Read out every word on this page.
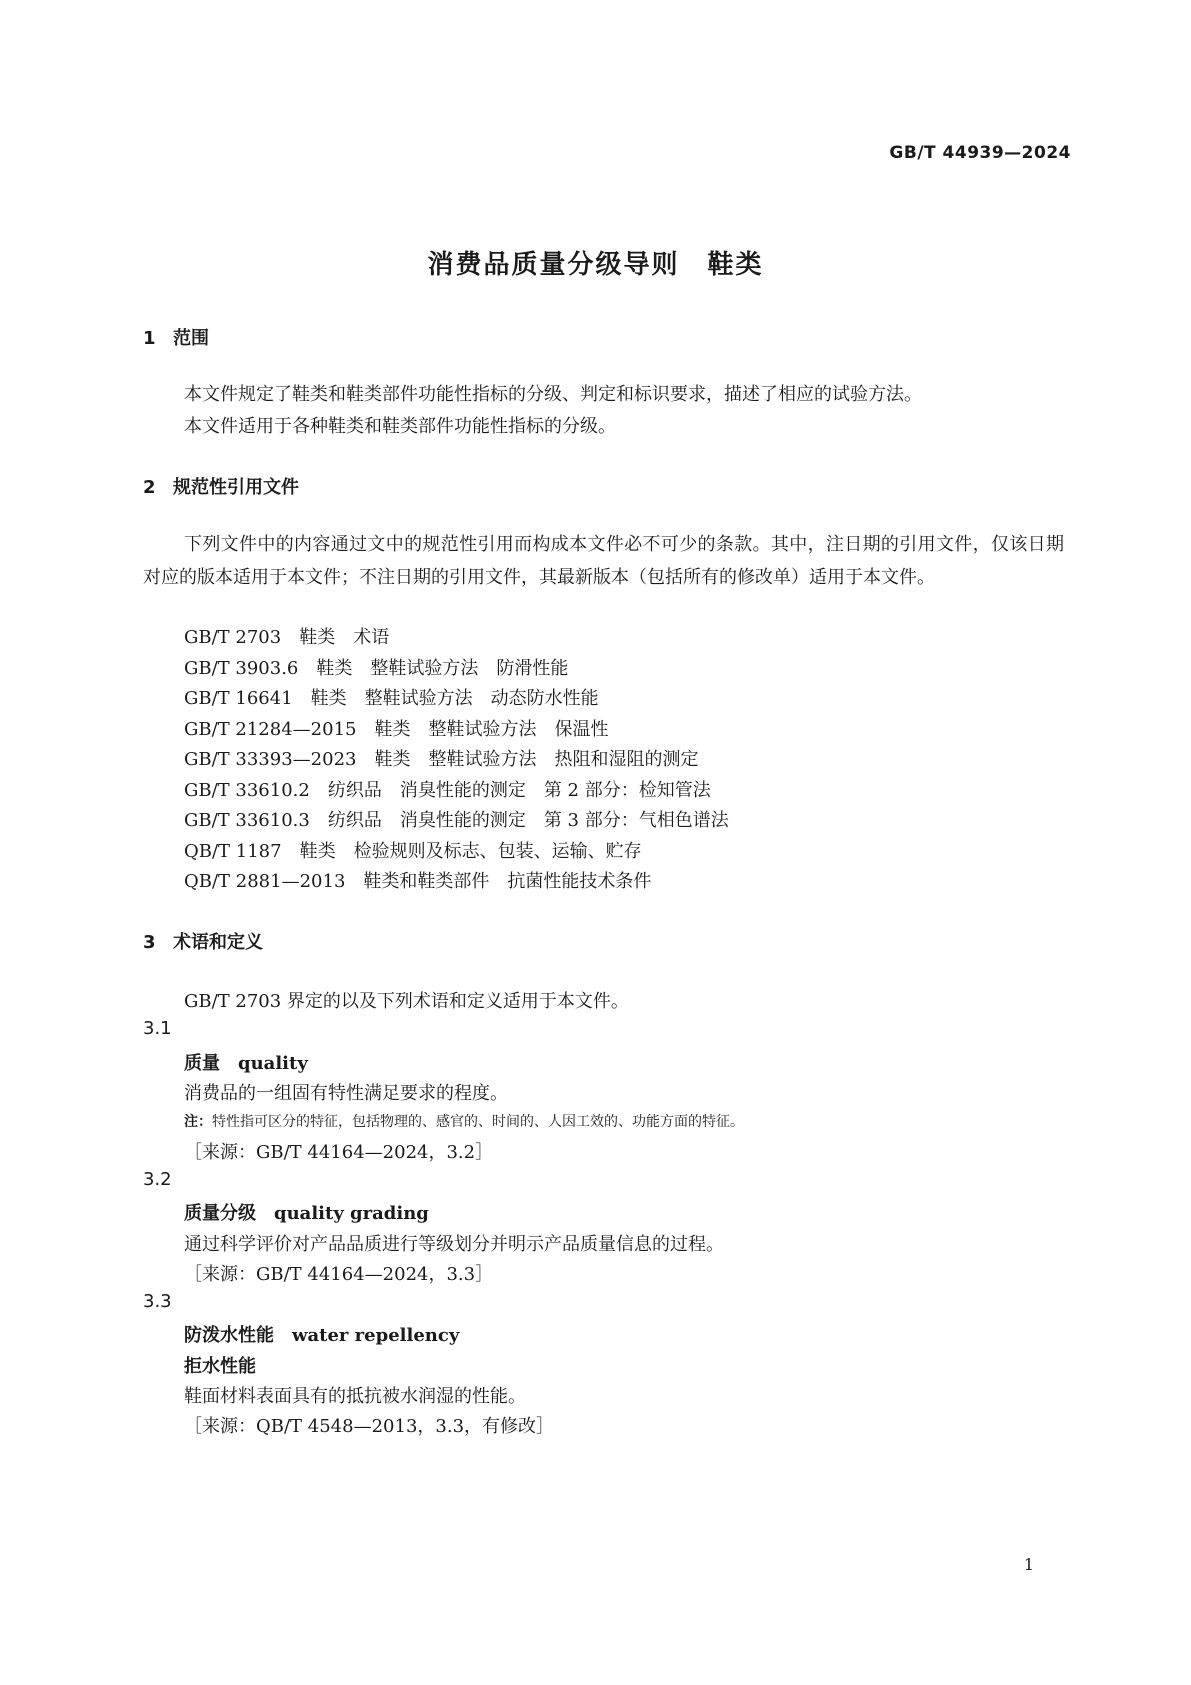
GB/T 44939—2024
消费品质量分级导则　鞋类
1 范围
本文件规定了鞋类和鞋类部件功能性指标的分级、判定和标识要求，描述了相应的试验方法。
本文件适用于各种鞋类和鞋类部件功能性指标的分级。
2 规范性引用文件
下列文件中的内容通过文中的规范性引用而构成本文件必不可少的条款。其中，注日期的引用文件，仅该日期对应的版本适用于本文件；不注日期的引用文件，其最新版本（包括所有的修改单）适用于本文件。
GB/T 2703　鞋类　术语
GB/T 3903.6　鞋类　整鞋试验方法　防滑性能
GB/T 16641　鞋类　整鞋试验方法　动态防水性能
GB/T 21284—2015　鞋类　整鞋试验方法　保温性
GB/T 33393—2023　鞋类　整鞋试验方法　热阻和湿阻的测定
GB/T 33610.2　纺织品　消臭性能的测定　第 2 部分：检知管法
GB/T 33610.3　纺织品　消臭性能的测定　第 3 部分：气相色谱法
QB/T 1187　鞋类　检验规则及标志、包装、运输、贮存
QB/T 2881—2013　鞋类和鞋类部件　抗菌性能技术条件
3 术语和定义
GB/T 2703 界定的以及下列术语和定义适用于本文件。
3.1
质量　quality
消费品的一组固有特性满足要求的程度。
注：特性指可区分的特征，包括物理的、感官的、时间的、人因工效的、功能方面的特征。
［来源：GB/T 44164—2024，3.2］
3.2
质量分级　quality grading
通过科学评价对产品品质进行等级划分并明示产品质量信息的过程。
［来源：GB/T 44164—2024，3.3］
3.3
防泼水性能　water repellency
拒水性能
鞋面材料表面具有的抵抗被水润湿的性能。
［来源：QB/T 4548—2013，3.3，有修改］
1
